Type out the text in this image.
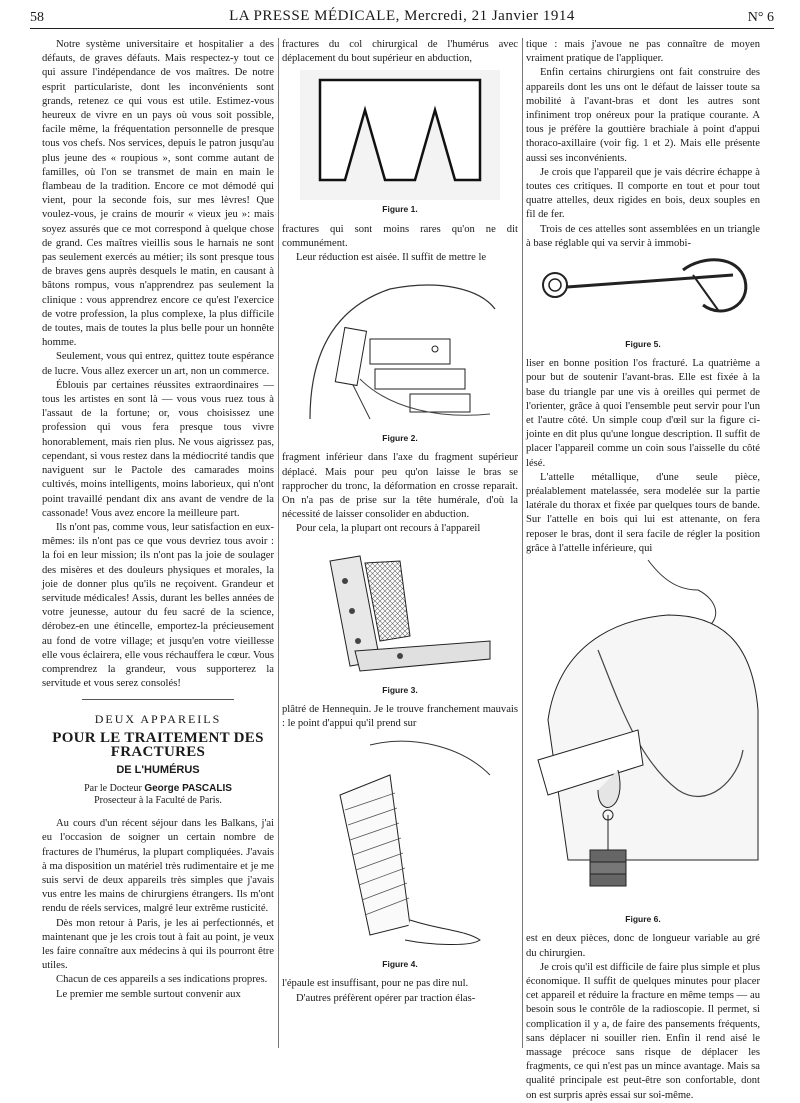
58	LA PRESSE MÉDICALE, Mercredi, 21 Janvier 1914	N° 6

Notre système universitaire et hospitalier a des défauts, de graves défauts. Mais respectez-y tout ce qui assure l'indépendance de vos maîtres. De notre esprit particulariste, dont les inconvénients sont grands, retenez ce qui vous est utile. Estimez-vous heureux de vivre en un pays où vous soit possible, facile même, la fréquentation personnelle de presque tous vos chefs. Nos services, depuis le patron jusqu'au plus jeune des « roupious », sont comme autant de familles, où l'on se transmet de main en main le flambeau de la tradition. Encore ce mot démodé qui vient, pour la seconde fois, sur mes lèvres! Que voulez-vous, je crains de mourir « vieux jeu »: mais soyez assurés que ce mot correspond à quelque chose de grand. Ces maîtres vieillis sous le harnais ne sont pas seulement exercés au métier; ils sont presque tous de braves gens auprès desquels le matin, en causant à bâtons rompus, vous n'apprendrez pas seulement la clinique : vous apprendrez encore ce qu'est l'exercice de votre profession, la plus complexe, la plus difficile de toutes, mais de toutes la plus belle pour un honnête homme.

Seulement, vous qui entrez, quittez toute espérance de lucre. Vous allez exercer un art, non un commerce.

Éblouis par certaines réussites extraordinaires — tous les artistes en sont là — vous vous ruez tous à l'assaut de la fortune; or, vous choisissez une profession qui vous fera presque tous vivre honorablement, mais rien plus. Ne vous aigrissez pas, cependant, si vous restez dans la médiocrité tandis que naviguent sur le Pactole des camarades moins cultivés, moins intelligents, moins laborieux, qui n'ont point travaillé pendant dix ans avant de vendre de la cassonade! Vous avez encore la meilleure part.

Ils n'ont pas, comme vous, leur satisfaction en eux-mêmes: ils n'ont pas ce que vous devriez tous avoir : la foi en leur mission; ils n'ont pas la joie de soulager des misères et des douleurs physiques et morales, la joie de donner plus qu'ils ne reçoivent. Grandeur et servitude médicales! Assis, durant les belles années de votre jeunesse, autour du feu sacré de la science, dérobez-en une étincelle, emportez-la précieusement au fond de votre village; et jusqu'en votre vieillesse elle vous éclairera, elle vous réchauffera le cœur. Vous comprendrez la grandeur, vous supporterez la servitude et vous serez consolés!

DEUX APPAREILS
POUR LE TRAITEMENT DES FRACTURES
DE L'HUMÉRUS
Par le Docteur George PASCALIS
Prosecteur à la Faculté de Paris.

Au cours d'un récent séjour dans les Balkans, j'ai eu l'occasion de soigner un certain nombre de fractures de l'humérus, la plupart compliquées. J'avais à ma disposition un matériel très rudimentaire et je me suis servi de deux appareils très simples que j'avais vus entre les mains de chirurgiens étrangers. Ils m'ont rendu de réels services, malgré leur extrême rusticité.

Dès mon retour à Paris, je les ai perfectionnés, et maintenant que je les crois tout à fait au point, je veux les faire connaître aux médecins à qui ils pourront être utiles.

Chacun de ces appareils a ses indications propres.

Le premier me semble surtout convenir aux

fractures du col chirurgical de l'humérus avec déplacement du bout supérieur en abduction,

Figure 1.

fractures qui sont moins rares qu'on ne dit communément.

Leur réduction est aisée. Il suffit de mettre le

Figure 2.

fragment inférieur dans l'axe du fragment supérieur déplacé. Mais pour peu qu'on laisse le bras se rapprocher du tronc, la déformation en crosse reparait. On n'a pas de prise sur la tête humérale, d'où la nécessité de laisser consolider en abduction.

Pour cela, la plupart ont recours à l'appareil

Figure 3.

plâtré de Hennequin. Je le trouve franchement mauvais : le point d'appui qu'il prend sur

Figure 4.

l'épaule est insuffisant, pour ne pas dire nul.

D'autres préfèrent opérer par traction élas-

tique : mais j'avoue ne pas connaître de moyen vraiment pratique de l'appliquer.

Enfin certains chirurgiens ont fait construire des appareils dont les uns ont le défaut de laisser toute sa mobilité à l'avant-bras et dont les autres sont infiniment trop onéreux pour la pratique courante. A tous je préfère la gouttière brachiale à point d'appui thoraco-axillaire (voir fig. 1 et 2). Mais elle présente aussi ses inconvénients.

Je crois que l'appareil que je vais décrire échappe à toutes ces critiques. Il comporte en tout et pour tout quatre attelles, deux rigides en bois, deux souples en fil de fer.

Trois de ces attelles sont assemblées en un triangle à base réglable qui va servir à immobi-

Figure 5.

liser en bonne position l'os fracturé. La quatrième a pour but de soutenir l'avant-bras. Elle est fixée à la base du triangle par une vis à oreilles qui permet de l'orienter, grâce à quoi l'ensemble peut servir pour l'un et l'autre côté. Un simple coup d'œil sur la figure ci-jointe en dit plus qu'une longue description. Il suffit de placer l'appareil comme un coin sous l'aisselle du côté lésé.

L'attelle métallique, d'une seule pièce, préalablement matelassée, sera modelée sur la partie latérale du thorax et fixée par quelques tours de bande. Sur l'attelle en bois qui lui est attenante, on fera reposer le bras, dont il sera facile de régler la position grâce à l'attelle inférieure, qui

Figure 6.

est en deux pièces, donc de longueur variable au gré du chirurgien.

Je crois qu'il est difficile de faire plus simple et plus économique. Il suffit de quelques minutes pour placer cet appareil et réduire la fracture en même temps — au besoin sous le contrôle de la radioscopie. Il permet, si complication il y a, de faire des pansements fréquents, sans déplacer ni souiller rien. Enfin il rend aisé le massage précoce sans risque de déplacer les fragments, ce qui n'est pas un mince avantage. Mais sa qualité principale est peut-être son confortable, dont on est surpris après essai sur soi-même.
